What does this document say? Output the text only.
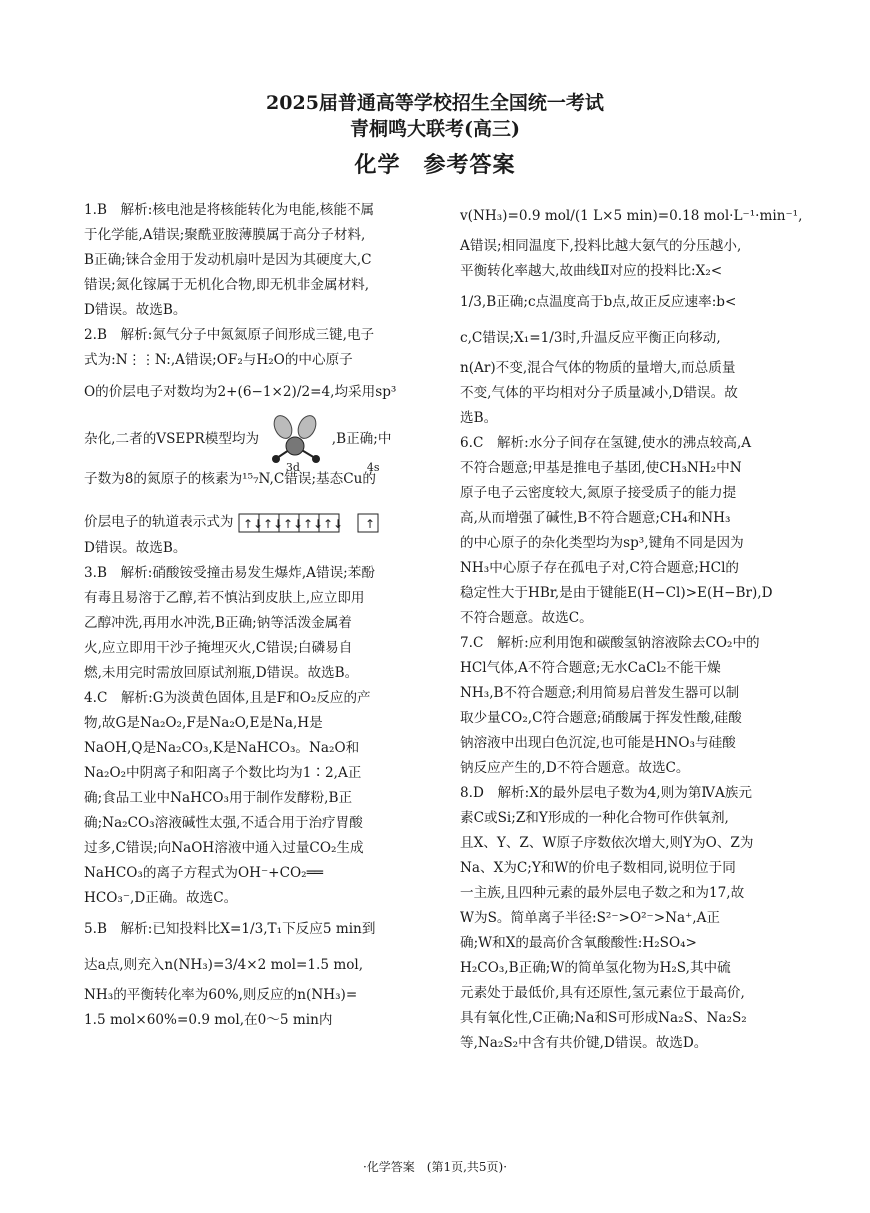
2025届普通高等学校招生全国统一考试
青桐鸣大联考(高三)
化学　参考答案
1.B　解析:核电池是将核能转化为电能,核能不属
于化学能,A错误;聚酰亚胺薄膜属于高分子材料,
B正确;铼合金用于发动机扇叶是因为其硬度大,C
错误;氮化镓属于无机化合物,即无机非金属材料,
D错误。故选B。
2.B　解析:氮气分子中氮氮原子间形成三键,电子
式为:N⋮⋮N:,A错误;OF₂与H₂O的中心原子
O的价层电子对数均为2+(6−1×2)/2=4,均采用sp³
杂化,二者的VSEPR模型均为	,B正确;中
子数为8的氮原子的核素为¹⁵₇N,C错误;基态Cu的
价层电子的轨道表示式为
3d	4s
↑↓ ↑↓ ↑↓ ↑↓ ↑↓ ↑
D错误。故选B。
3.B　解析:硝酸铵受撞击易发生爆炸,A错误;苯酚
有毒且易溶于乙醇,若不慎沾到皮肤上,应立即用
乙醇冲洗,再用水冲洗,B正确;钠等活泼金属着
火,应立即用干沙子掩埋灭火,C错误;白磷易自
燃,未用完时需放回原试剂瓶,D错误。故选B。
4.C　解析:G为淡黄色固体,且是F和O₂反应的产
物,故G是Na₂O₂,F是Na₂O,E是Na,H是
NaOH,Q是Na₂CO₃,K是NaHCO₃。Na₂O和
Na₂O₂中阴离子和阳离子个数比均为1∶2,A正
确;食品工业中NaHCO₃用于制作发酵粉,B正
确;Na₂CO₃溶液碱性太强,不适合用于治疗胃酸
过多,C错误;向NaOH溶液中通入过量CO₂生成
NaHCO₃的离子方程式为OH⁻+CO₂══
HCO₃⁻,D正确。故选C。
5.B　解析:已知投料比X=1/3,T₁下反应5 min到
达a点,则充入n(NH₃)=3/4×2 mol=1.5 mol,
NH₃的平衡转化率为60%,则反应的n(NH₃)=
1.5 mol×60%=0.9 mol,在0～5 min内
v(NH₃)=0.9 mol/(1 L×5 min)=0.18 mol·L⁻¹·min⁻¹,
A错误;相同温度下,投料比越大氨气的分压越小,
平衡转化率越大,故曲线Ⅱ对应的投料比:X₂<
1/3,B正确;c点温度高于b点,故正反应速率:b<
c,C错误;X₁=1/3时,升温反应平衡正向移动,
n(Ar)不变,混合气体的物质的量增大,而总质量
不变,气体的平均相对分子质量减小,D错误。故
选B。
6.C　解析:水分子间存在氢键,使水的沸点较高,A
不符合题意;甲基是推电子基团,使CH₃NH₂中N
原子电子云密度较大,氮原子接受质子的能力提
高,从而增强了碱性,B不符合题意;CH₄和NH₃
的中心原子的杂化类型均为sp³,键角不同是因为
NH₃中心原子存在孤电子对,C符合题意;HCl的
稳定性大于HBr,是由于键能E(H−Cl)>E(H−Br),D
不符合题意。故选C。
7.C　解析:应利用饱和碳酸氢钠溶液除去CO₂中的
HCl气体,A不符合题意;无水CaCl₂不能干燥
NH₃,B不符合题意;利用简易启普发生器可以制
取少量CO₂,C符合题意;硝酸属于挥发性酸,硅酸
钠溶液中出现白色沉淀,也可能是HNO₃与硅酸
钠反应产生的,D不符合题意。故选C。
8.D　解析:X的最外层电子数为4,则为第ⅣA族元
素C或Si;Z和Y形成的一种化合物可作供氧剂,
且X、Y、Z、W原子序数依次增大,则Y为O、Z为
Na、X为C;Y和W的价电子数相同,说明位于同
一主族,且四种元素的最外层电子数之和为17,故
W为S。简单离子半径:S²⁻>O²⁻>Na⁺,A正
确;W和X的最高价含氧酸酸性:H₂SO₄>
H₂CO₃,B正确;W的简单氢化物为H₂S,其中硫
元素处于最低价,具有还原性,氢元素位于最高价,
具有氧化性,C正确;Na和S可形成Na₂S、Na₂S₂
等,Na₂S₂中含有共价键,D错误。故选D。
·化学答案　(第1页,共5页)·
